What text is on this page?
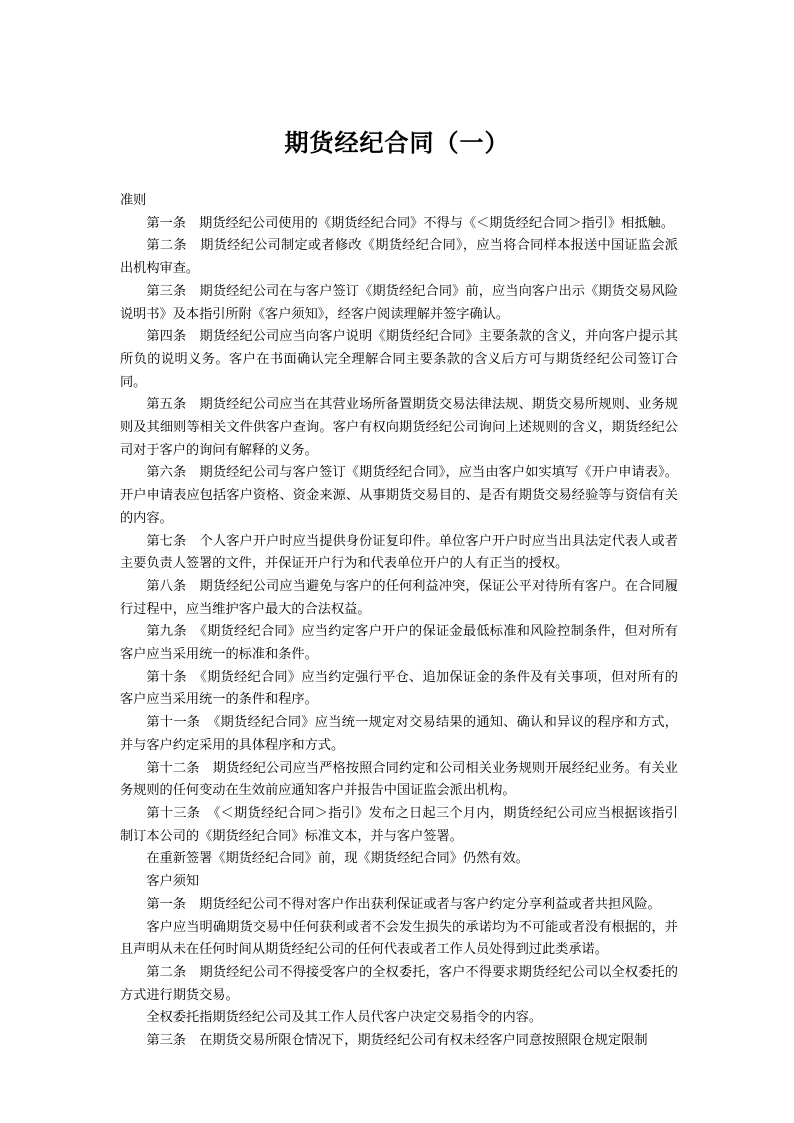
期货经纪合同（一）

准则

第一条　期货经纪公司使用的《期货经纪合同》不得与《＜期货经纪合同＞指引》相抵触。

第二条　期货经纪公司制定或者修改《期货经纪合同》，应当将合同样本报送中国证监会派出机构审查。

第三条　期货经纪公司在与客户签订《期货经纪合同》前，应当向客户出示《期货交易风险说明书》及本指引所附《客户须知》，经客户阅读理解并签字确认。

第四条　期货经纪公司应当向客户说明《期货经纪合同》主要条款的含义，并向客户提示其所负的说明义务。客户在书面确认完全理解合同主要条款的含义后方可与期货经纪公司签订合同。

第五条　期货经纪公司应当在其营业场所备置期货交易法律法规、期货交易所规则、业务规则及其细则等相关文件供客户查询。客户有权向期货经纪公司询问上述规则的含义，期货经纪公司对于客户的询问有解释的义务。

第六条　期货经纪公司与客户签订《期货经纪合同》，应当由客户如实填写《开户申请表》。开户申请表应包括客户资格、资金来源、从事期货交易目的、是否有期货交易经验等与资信有关的内容。

第七条　个人客户开户时应当提供身份证复印件。单位客户开户时应当出具法定代表人或者主要负责人签署的文件，并保证开户行为和代表单位开户的人有正当的授权。

第八条　期货经纪公司应当避免与客户的任何利益冲突，保证公平对待所有客户。在合同履行过程中，应当维护客户最大的合法权益。

第九条　《期货经纪合同》应当约定客户开户的保证金最低标准和风险控制条件，但对所有客户应当采用统一的标准和条件。

第十条　《期货经纪合同》应当约定强行平仓、追加保证金的条件及有关事项，但对所有的客户应当采用统一的条件和程序。

第十一条　《期货经纪合同》应当统一规定对交易结果的通知、确认和异议的程序和方式，并与客户约定采用的具体程序和方式。

第十二条　期货经纪公司应当严格按照合同约定和公司相关业务规则开展经纪业务。有关业务规则的任何变动在生效前应通知客户并报告中国证监会派出机构。

第十三条　《＜期货经纪合同＞指引》发布之日起三个月内，期货经纪公司应当根据该指引制订本公司的《期货经纪合同》标准文本，并与客户签署。

在重新签署《期货经纪合同》前，现《期货经纪合同》仍然有效。

客户须知

第一条　期货经纪公司不得对客户作出获利保证或者与客户约定分享利益或者共担风险。

客户应当明确期货交易中任何获利或者不会发生损失的承诺均为不可能或者没有根据的，并且声明从未在任何时间从期货经纪公司的任何代表或者工作人员处得到过此类承诺。

第二条　期货经纪公司不得接受客户的全权委托，客户不得要求期货经纪公司以全权委托的方式进行期货交易。

全权委托指期货经纪公司及其工作人员代客户决定交易指令的内容。

第三条　在期货交易所限仓情况下，期货经纪公司有权未经客户同意按照限仓规定限制
